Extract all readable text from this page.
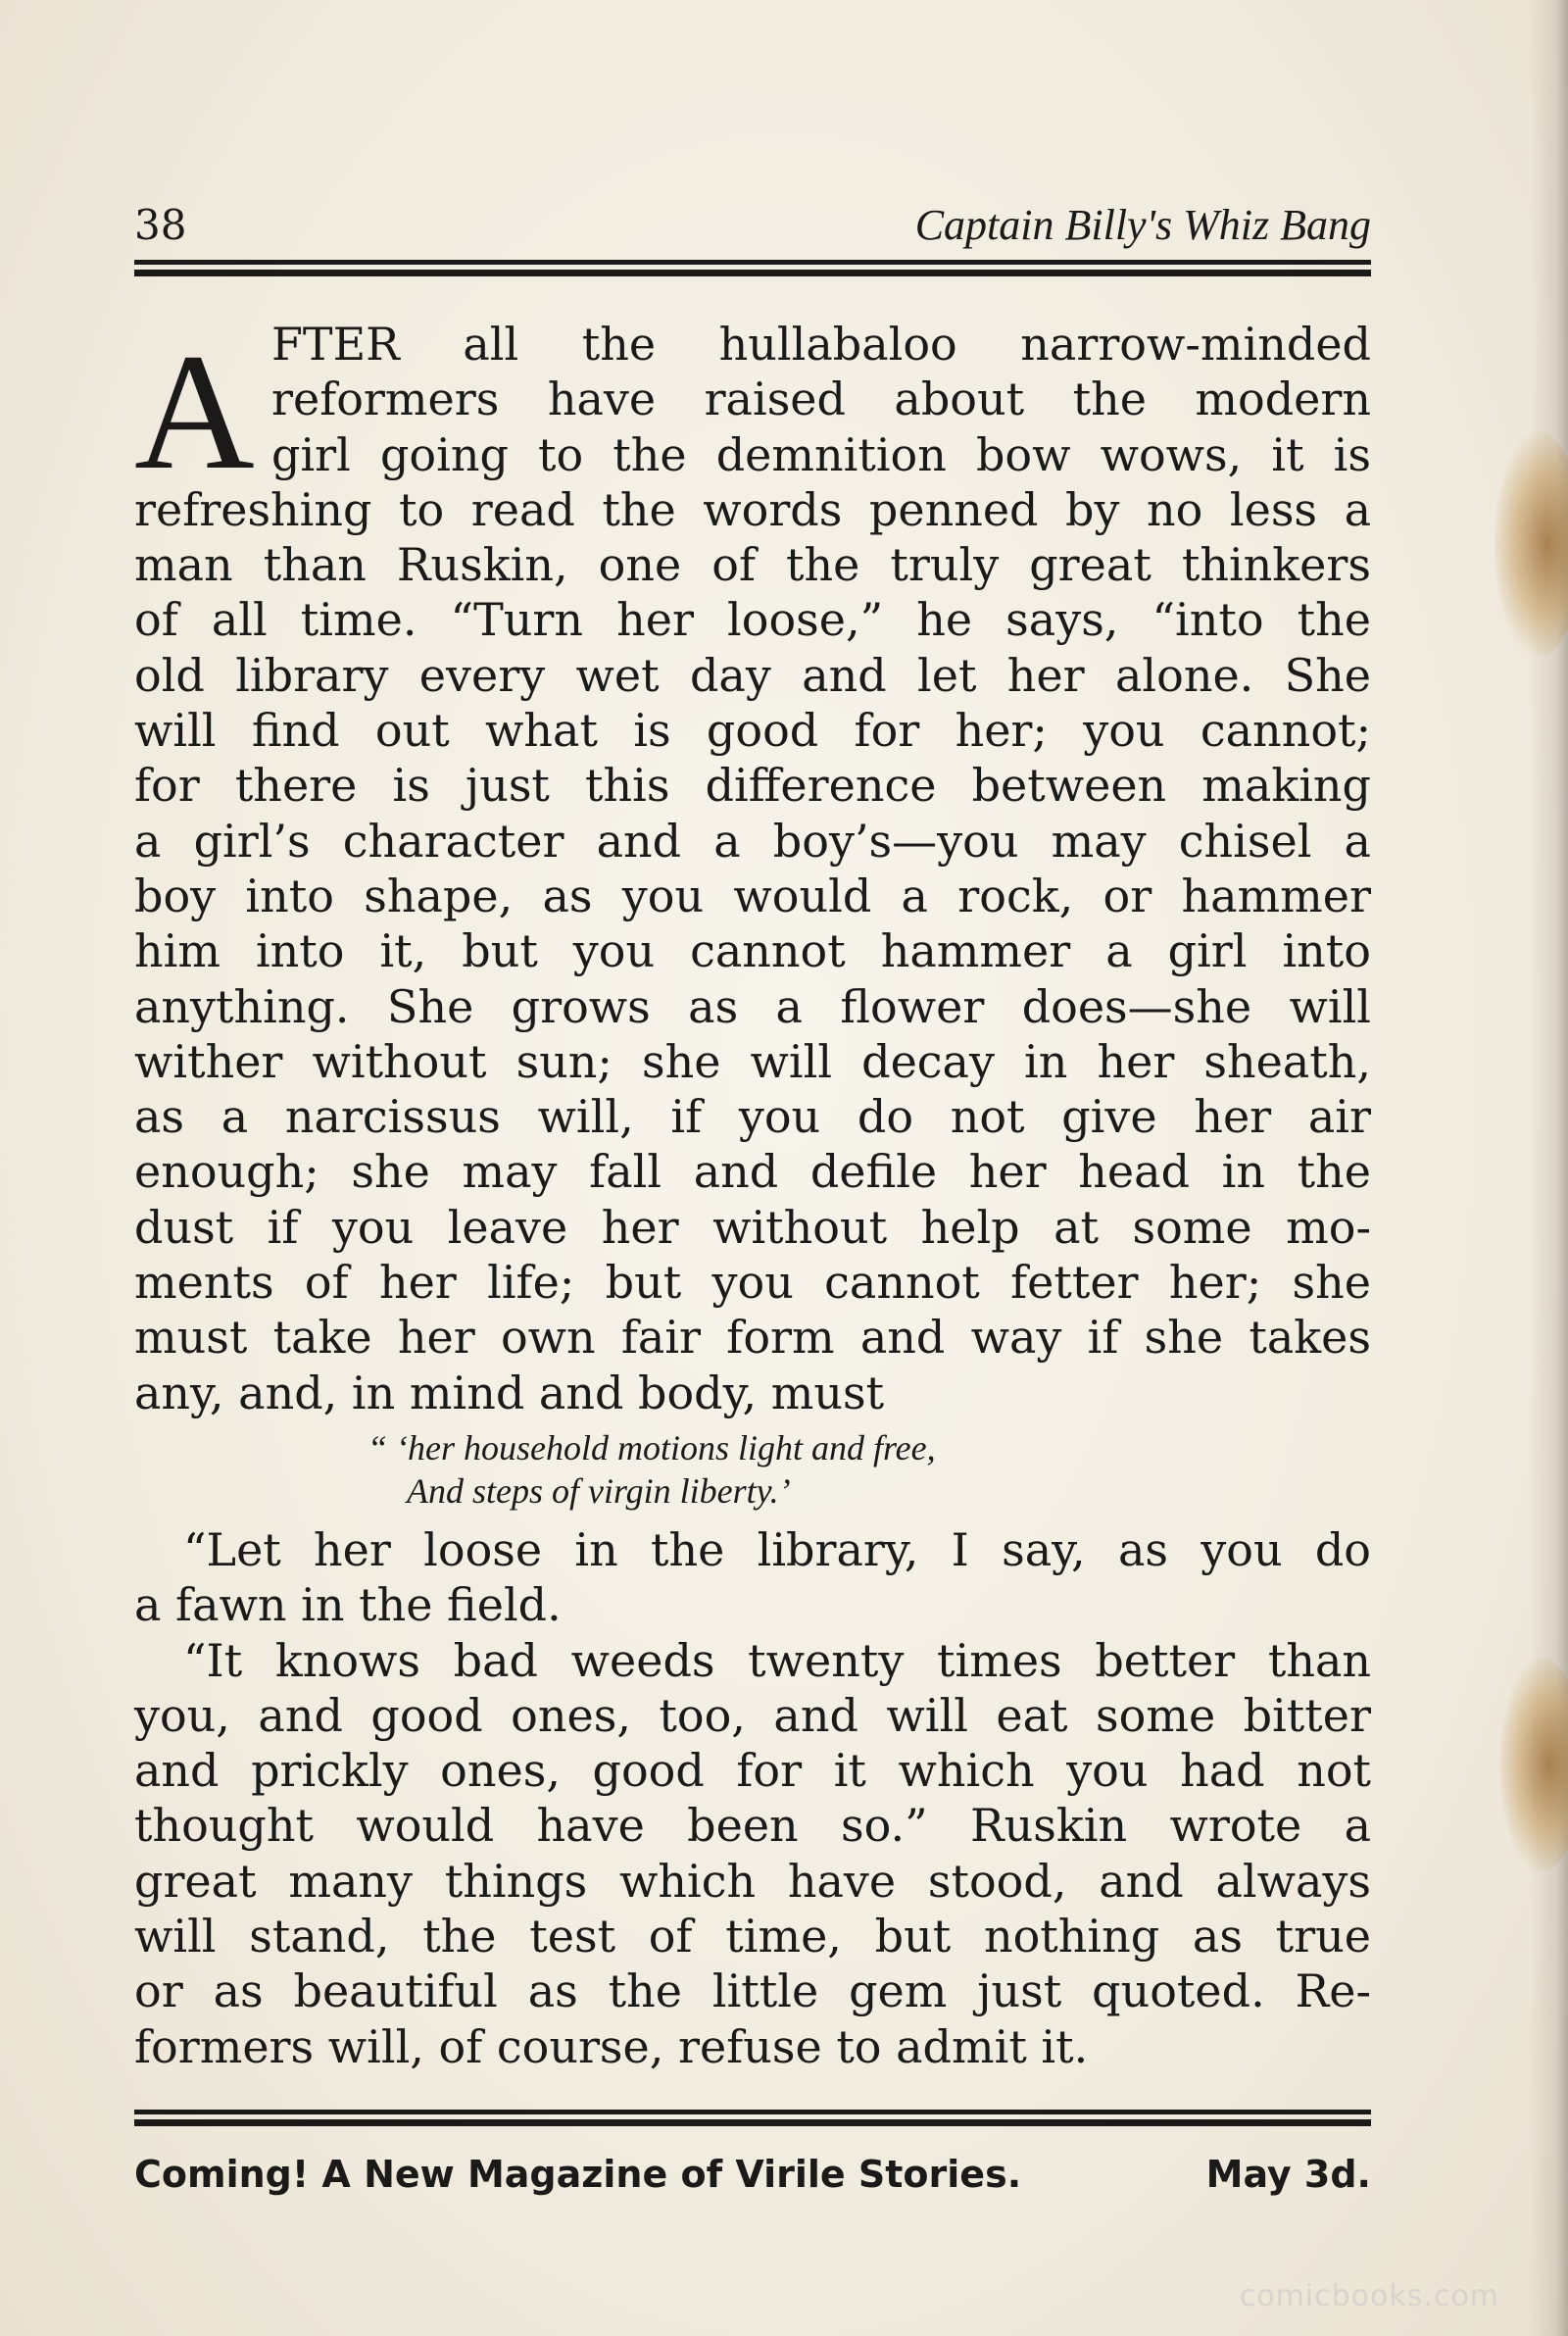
38	Captain Billy's Whiz Bang
A FTER all the hullabaloo narrow-minded
reformers have raised about the modern
girl going to the demnition bow wows, it is
refreshing to read the words penned by no less a
man than Ruskin, one of the truly great thinkers
of all time. “Turn her loose,” he says, “into the
old library every wet day and let her alone. She
will find out what is good for her; you cannot;
for there is just this difference between making
a girl’s character and a boy’s—you may chisel a
boy into shape, as you would a rock, or hammer
him into it, but you cannot hammer a girl into
anything. She grows as a flower does—she will
wither without sun; she will decay in her sheath,
as a narcissus will, if you do not give her air
enough; she may fall and defile her head in the
dust if you leave her without help at some mo-
ments of her life; but you cannot fetter her; she
must take her own fair form and way if she takes
any, and, in mind and body, must
“ ‘her household motions light and free,
And steps of virgin liberty.’
“Let her loose in the library, I say, as you do
a fawn in the field.
“It knows bad weeds twenty times better than
you, and good ones, too, and will eat some bitter
and prickly ones, good for it which you had not
thought would have been so.” Ruskin wrote a
great many things which have stood, and always
will stand, the test of time, but nothing as true
or as beautiful as the little gem just quoted. Re-
formers will, of course, refuse to admit it.
Coming! A New Magazine of Virile Stories.	May 3d.
comicbooks.com
